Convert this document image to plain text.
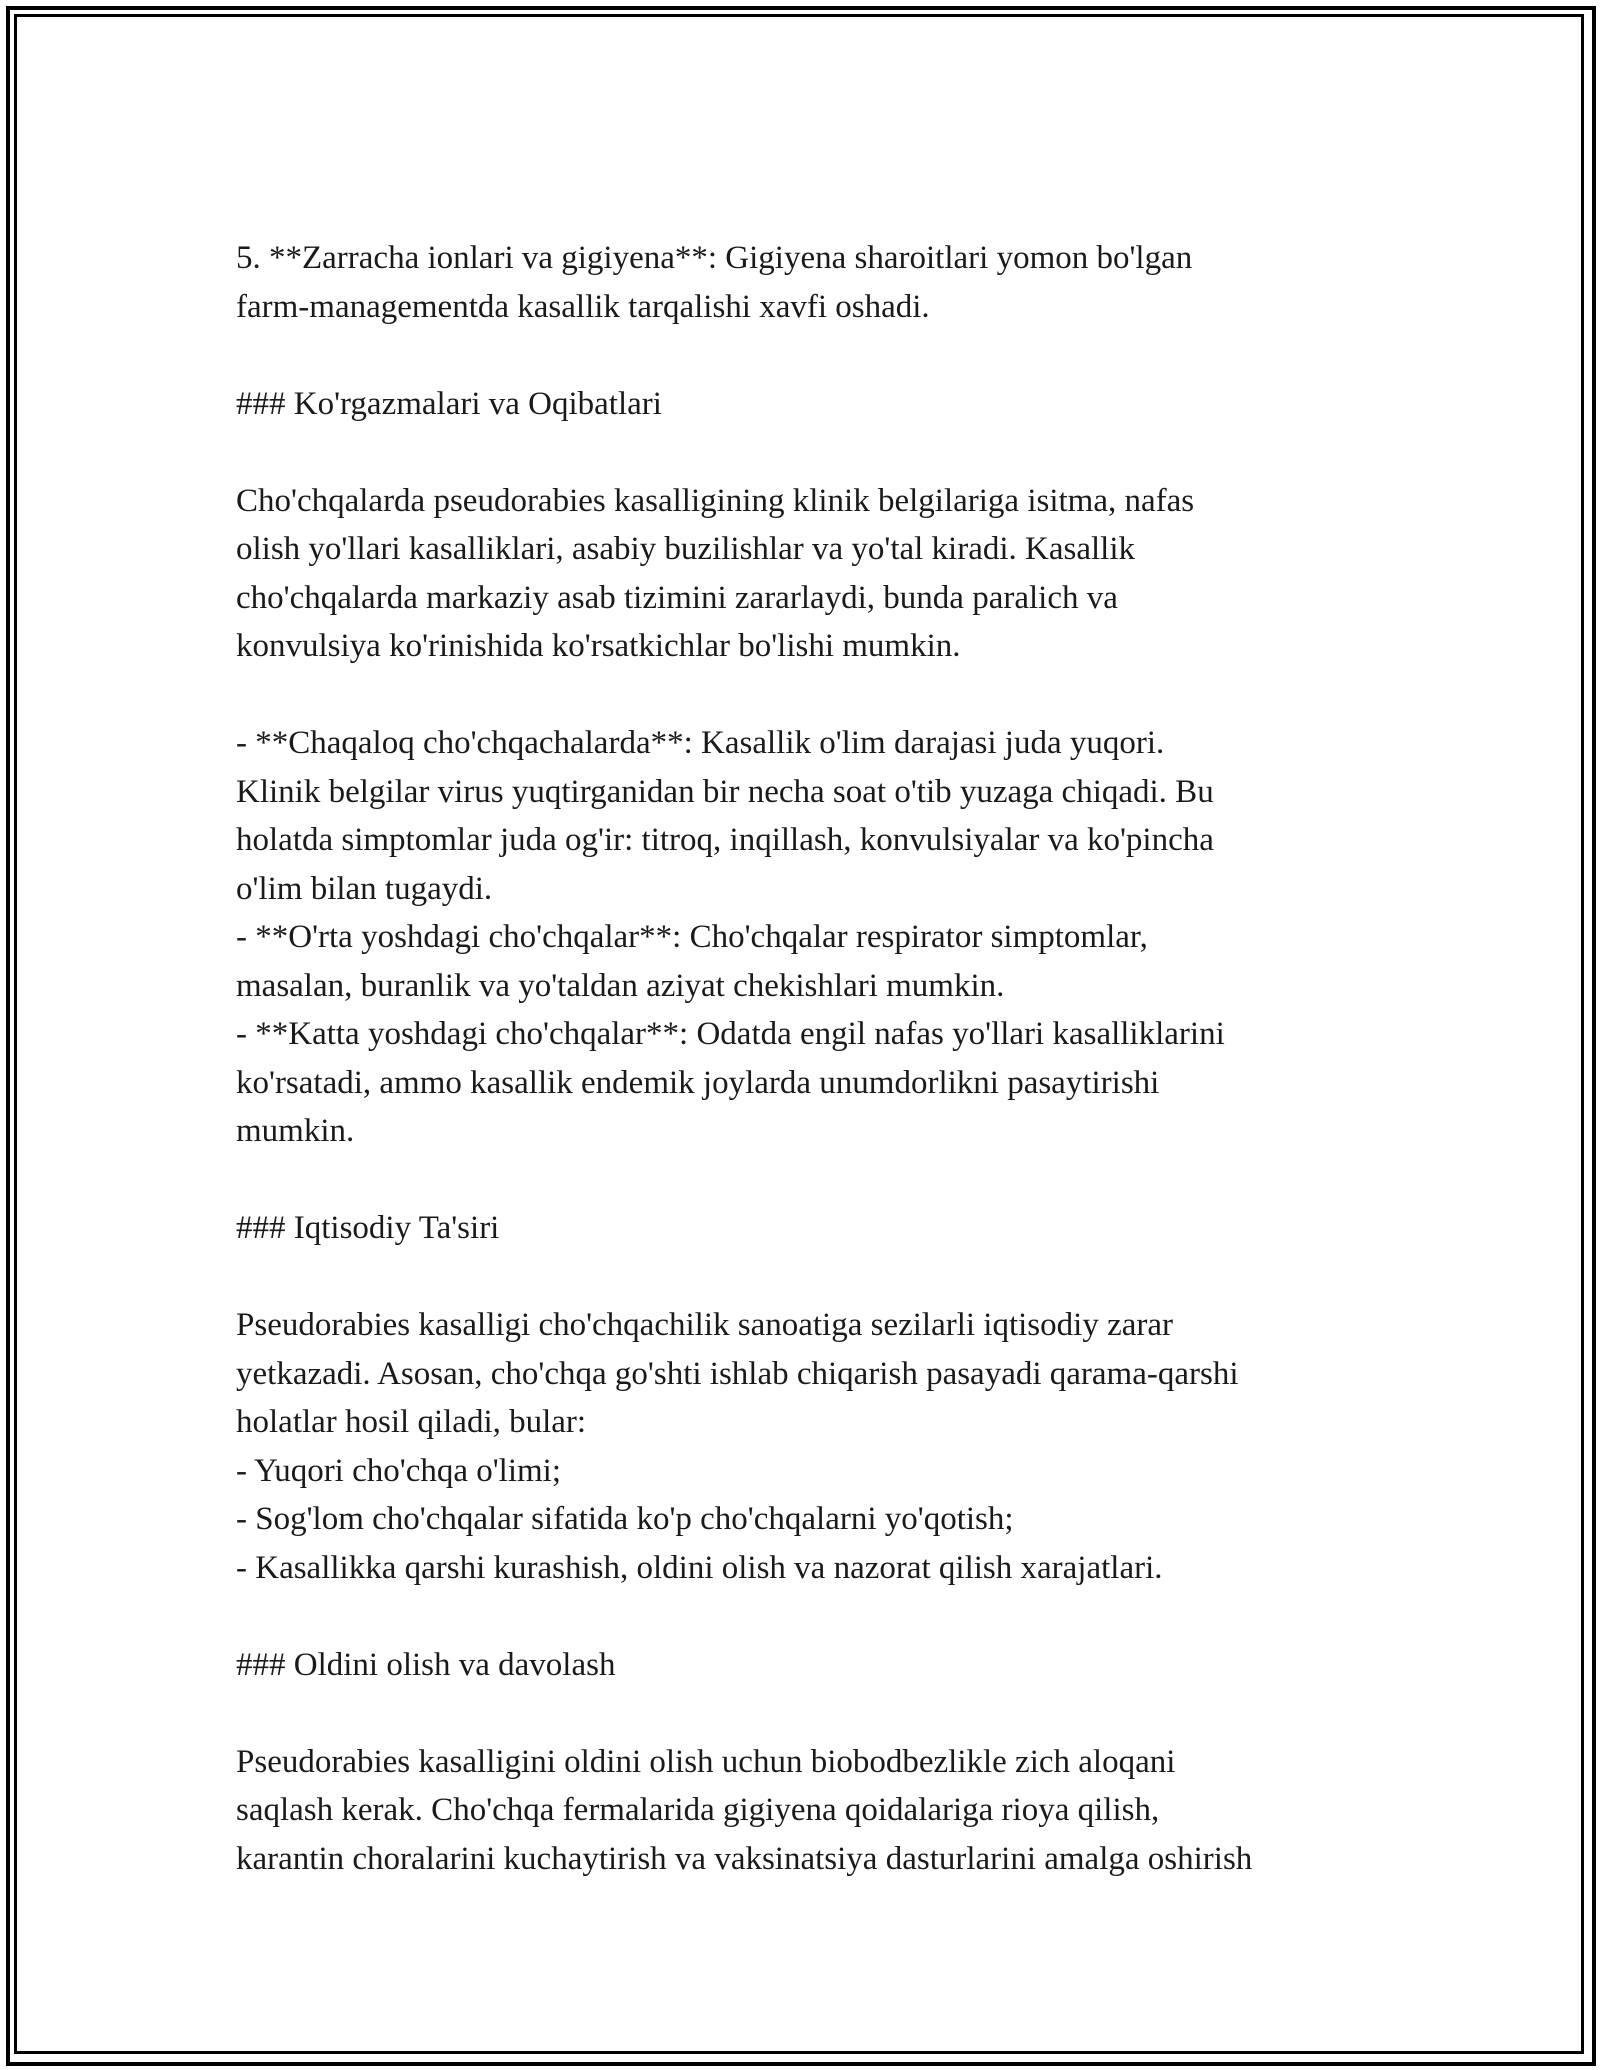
5. **Zarracha ionlari va gigiyena**: Gigiyena sharoitlari yomon bo'lgan
farm-managementda kasallik tarqalishi xavfi oshadi.
### Ko'rgazmalari va Oqibatlari
Cho'chqalarda pseudorabies kasalligining klinik belgilariga isitma, nafas
olish yo'llari kasalliklari, asabiy buzilishlar va yo'tal kiradi. Kasallik
cho'chqalarda markaziy asab tizimini zararlaydi, bunda paralich va
konvulsiya ko'rinishida ko'rsatkichlar bo'lishi mumkin.
- **Chaqaloq cho'chqachalarda**: Kasallik o'lim darajasi juda yuqori.
Klinik belgilar virus yuqtirganidan bir necha soat o'tib yuzaga chiqadi. Bu
holatda simptomlar juda og'ir: titroq, inqillash, konvulsiyalar va ko'pincha
o'lim bilan tugaydi.
- **O'rta yoshdagi cho'chqalar**: Cho'chqalar respirator simptomlar,
masalan, buranlik va yo'taldan aziyat chekishlari mumkin.
- **Katta yoshdagi cho'chqalar**: Odatda engil nafas yo'llari kasalliklarini
ko'rsatadi, ammo kasallik endemik joylarda unumdorlikni pasaytirishi
mumkin.
### Iqtisodiy Ta'siri
Pseudorabies kasalligi cho'chqachilik sanoatiga sezilarli iqtisodiy zarar
yetkazadi. Asosan, cho'chqa go'shti ishlab chiqarish pasayadi qarama-qarshi
holatlar hosil qiladi, bular:
- Yuqori cho'chqa o'limi;
- Sog'lom cho'chqalar sifatida ko'p cho'chqalarni yo'qotish;
- Kasallikka qarshi kurashish, oldini olish va nazorat qilish xarajatlari.
### Oldini olish va davolash
Pseudorabies kasalligini oldini olish uchun biobodbezlikle zich aloqani
saqlash kerak. Cho'chqa fermalarida gigiyena qoidalariga rioya qilish,
karantin choralarini kuchaytirish va vaksinatsiya dasturlarini amalga oshirish
